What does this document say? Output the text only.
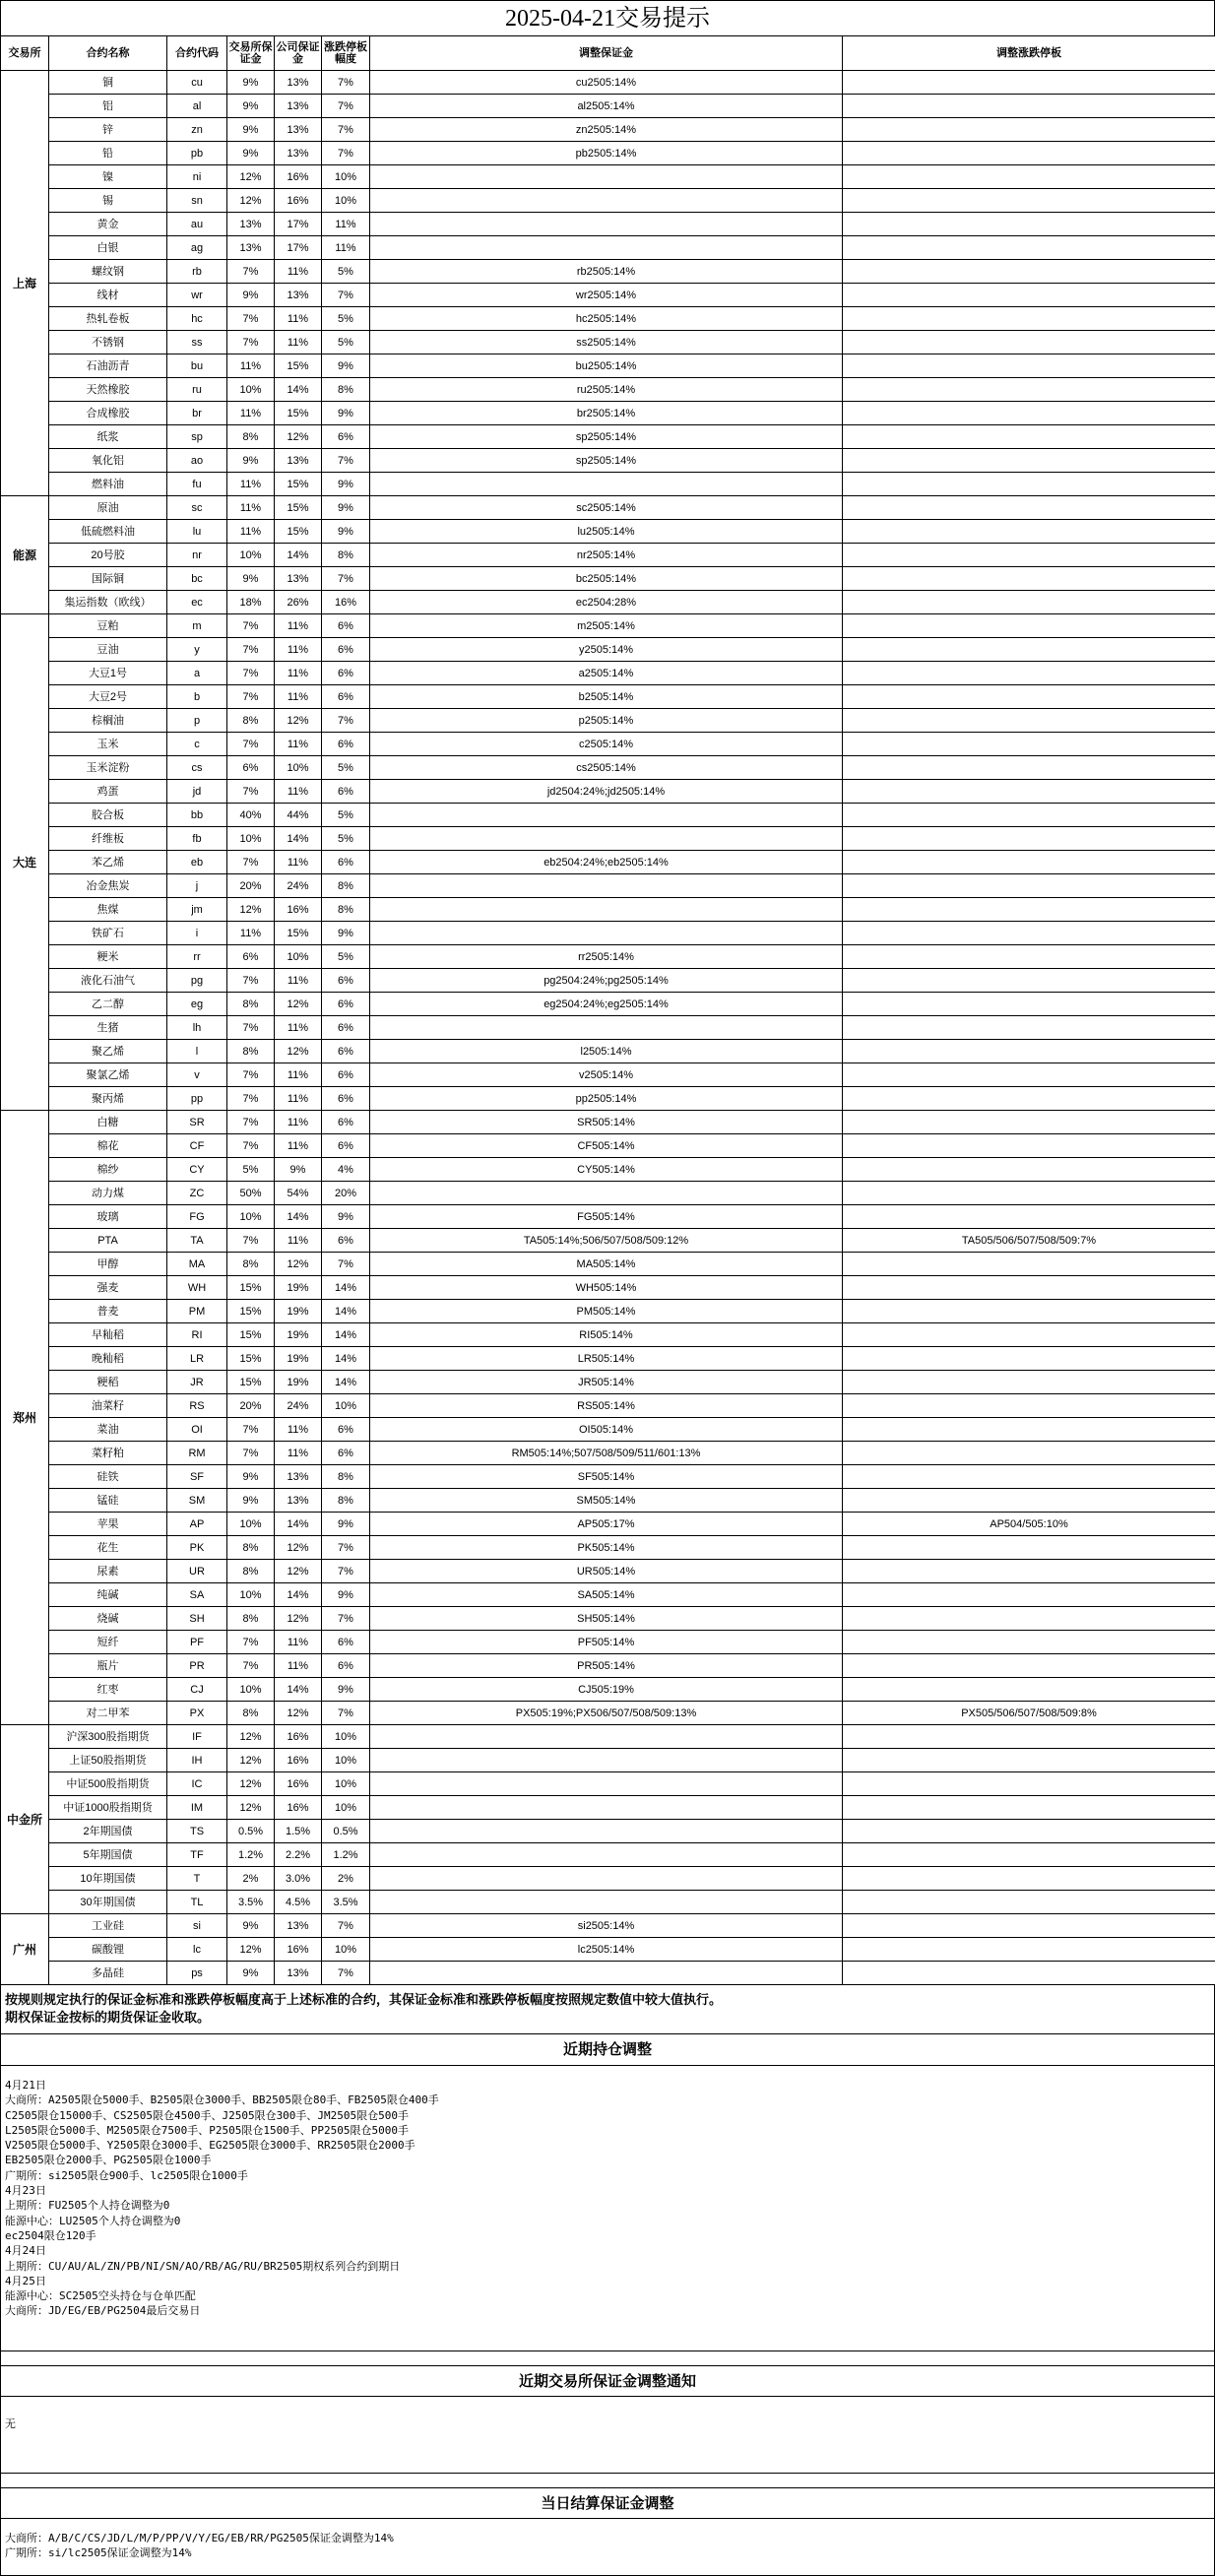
2025-04-21交易提示
交易所	合约名称	合约代码	交易所保证金	公司保证金	涨跌停板幅度	调整保证金	调整涨跌停板
上海	铜	cu	9%	13%	7%	cu2505:14%	
	铝	al	9%	13%	7%	al2505:14%	
	锌	zn	9%	13%	7%	zn2505:14%	
	铅	pb	9%	13%	7%	pb2505:14%	
	镍	ni	12%	16%	10%		
	锡	sn	12%	16%	10%		
	黄金	au	13%	17%	11%		
	白银	ag	13%	17%	11%		
	螺纹钢	rb	7%	11%	5%	rb2505:14%	
	线材	wr	9%	13%	7%	wr2505:14%	
	热轧卷板	hc	7%	11%	5%	hc2505:14%	
	不锈钢	ss	7%	11%	5%	ss2505:14%	
	石油沥青	bu	11%	15%	9%	bu2505:14%	
	天然橡胶	ru	10%	14%	8%	ru2505:14%	
	合成橡胶	br	11%	15%	9%	br2505:14%	
	纸浆	sp	8%	12%	6%	sp2505:14%	
	氧化铝	ao	9%	13%	7%	sp2505:14%	
	燃料油	fu	11%	15%	9%		
能源	原油	sc	11%	15%	9%	sc2505:14%	
	低硫燃料油	lu	11%	15%	9%	lu2505:14%	
	20号胶	nr	10%	14%	8%	nr2505:14%	
	国际铜	bc	9%	13%	7%	bc2505:14%	
	集运指数（欧线）	ec	18%	26%	16%	ec2504:28%	
大连	豆粕	m	7%	11%	6%	m2505:14%	
	豆油	y	7%	11%	6%	y2505:14%	
	大豆1号	a	7%	11%	6%	a2505:14%	
	大豆2号	b	7%	11%	6%	b2505:14%	
	棕榈油	p	8%	12%	7%	p2505:14%	
	玉米	c	7%	11%	6%	c2505:14%	
	玉米淀粉	cs	6%	10%	5%	cs2505:14%	
	鸡蛋	jd	7%	11%	6%	jd2504:24%;jd2505:14%	
	胶合板	bb	40%	44%	5%		
	纤维板	fb	10%	14%	5%		
	苯乙烯	eb	7%	11%	6%	eb2504:24%;eb2505:14%	
	冶金焦炭	j	20%	24%	8%		
	焦煤	jm	12%	16%	8%		
	铁矿石	i	11%	15%	9%		
	粳米	rr	6%	10%	5%	rr2505:14%	
	液化石油气	pg	7%	11%	6%	pg2504:24%;pg2505:14%	
	乙二醇	eg	8%	12%	6%	eg2504:24%;eg2505:14%	
	生猪	lh	7%	11%	6%		
	聚乙烯	l	8%	12%	6%	l2505:14%	
	聚氯乙烯	v	7%	11%	6%	v2505:14%	
	聚丙烯	pp	7%	11%	6%	pp2505:14%	
郑州	白糖	SR	7%	11%	6%	SR505:14%	
	棉花	CF	7%	11%	6%	CF505:14%	
	棉纱	CY	5%	9%	4%	CY505:14%	
	动力煤	ZC	50%	54%	20%		
	玻璃	FG	10%	14%	9%	FG505:14%	
	PTA	TA	7%	11%	6%	TA505:14%;506/507/508/509:12%	TA505/506/507/508/509:7%
	甲醇	MA	8%	12%	7%	MA505:14%	
	强麦	WH	15%	19%	14%	WH505:14%	
	普麦	PM	15%	19%	14%	PM505:14%	
	早籼稻	RI	15%	19%	14%	RI505:14%	
	晚籼稻	LR	15%	19%	14%	LR505:14%	
	粳稻	JR	15%	19%	14%	JR505:14%	
	油菜籽	RS	20%	24%	10%	RS505:14%	
	菜油	OI	7%	11%	6%	OI505:14%	
	菜籽粕	RM	7%	11%	6%	RM505:14%;507/508/509/511/601:13%	
	硅铁	SF	9%	13%	8%	SF505:14%	
	锰硅	SM	9%	13%	8%	SM505:14%	
	苹果	AP	10%	14%	9%	AP505:17%	AP504/505:10%
	花生	PK	8%	12%	7%	PK505:14%	
	尿素	UR	8%	12%	7%	UR505:14%	
	纯碱	SA	10%	14%	9%	SA505:14%	
	烧碱	SH	8%	12%	7%	SH505:14%	
	短纤	PF	7%	11%	6%	PF505:14%	
	瓶片	PR	7%	11%	6%	PR505:14%	
	红枣	CJ	10%	14%	9%	CJ505:19%	
	对二甲苯	PX	8%	12%	7%	PX505:19%;PX506/507/508/509:13%	PX505/506/507/508/509:8%
中金所	沪深300股指期货	IF	12%	16%	10%		
	上证50股指期货	IH	12%	16%	10%		
	中证500股指期货	IC	12%	16%	10%		
	中证1000股指期货	IM	12%	16%	10%		
	2年期国债	TS	0.5%	1.5%	0.5%		
	5年期国债	TF	1.2%	2.2%	1.2%		
	10年期国债	T	2%	3.0%	2%		
	30年期国债	TL	3.5%	4.5%	3.5%		
广州	工业硅	si	9%	13%	7%	si2505:14%	
	碳酸锂	lc	12%	16%	10%	lc2505:14%	
	多晶硅	ps	9%	13%	7%		
按规则规定执行的保证金标准和涨跌停板幅度高于上述标准的合约，其保证金标准和涨跌停板幅度按照规定数值中较大值执行。
期权保证金按标的期货保证金收取。
近期持仓调整
4月21日
大商所：A2505限仓5000手、B2505限仓3000手、BB2505限仓80手、FB2505限仓400手
C2505限仓15000手、CS2505限仓4500手、J2505限仓300手、JM2505限仓500手
L2505限仓5000手、M2505限仓7500手、P2505限仓1500手、PP2505限仓5000手
V2505限仓5000手、Y2505限仓3000手、EG2505限仓3000手、RR2505限仓2000手
EB2505限仓2000手、PG2505限仓1000手
广期所：si2505限仓900手、lc2505限仓1000手
4月23日
上期所：FU2505个人持仓调整为0
能源中心：LU2505个人持仓调整为0
ec2504限仓120手
4月24日
上期所：CU/AU/AL/ZN/PB/NI/SN/AO/RB/AG/RU/BR2505期权系列合约到期日
4月25日
能源中心：SC2505空头持仓与仓单匹配
大商所：JD/EG/EB/PG2504最后交易日
近期交易所保证金调整通知
无
当日结算保证金调整
大商所：A/B/C/CS/JD/L/M/P/PP/V/Y/EG/EB/RR/PG2505保证金调整为14%
广期所：si/lc2505保证金调整为14%
